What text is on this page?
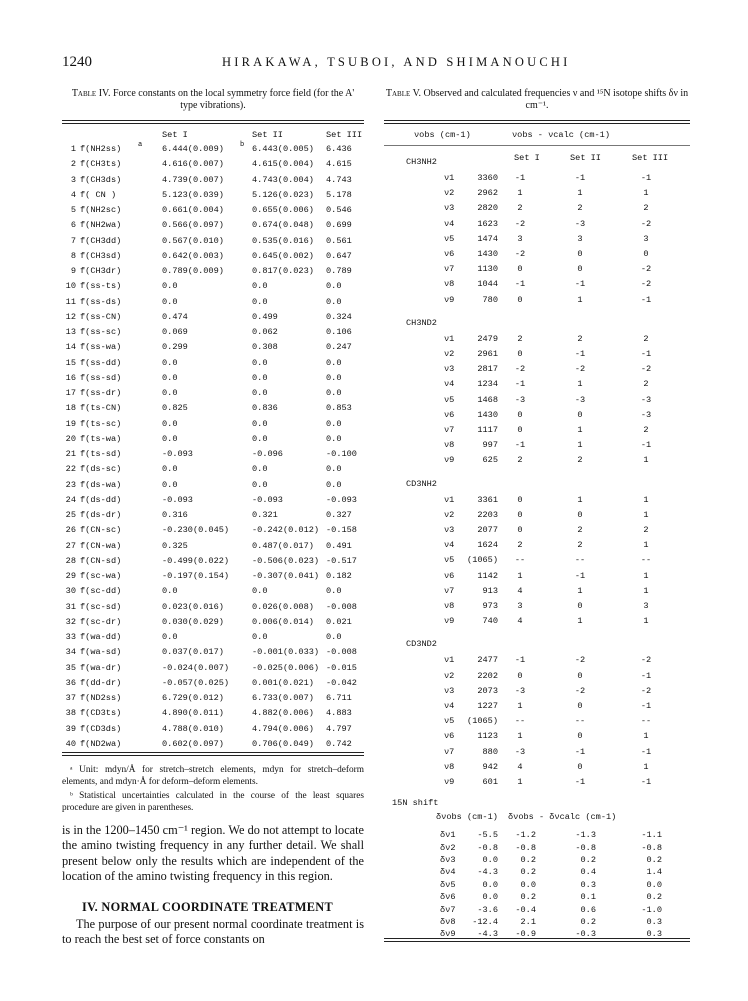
1240	HIRAKAWA, TSUBOI, AND SHIMANOUCHI
Table IV. Force constants on the local symmetry force field (for the A' type vibrations).

Set I

	Set II

	Set III

1 f(NH2ss) a 6.444(0.009) b 6.443(0.005) 6.436
2 f(CH3ts)	4.616(0.007)	4.615(0.004) 4.615
3 f(CH3ds)	4.739(0.007)	4.743(0.004) 4.743
4 f( CN )	5.123(0.039)	5.126(0.023) 5.178
5 f(NH2sc)	0.661(0.004)	0.655(0.006) 0.546
6 f(NH2wa)	0.566(0.097)	0.674(0.048) 0.699
7 f(CH3dd)	0.567(0.010)	0.535(0.016) 0.561
8 f(CH3sd)	0.642(0.003)	0.645(0.002) 0.647
9 f(CH3dr)	0.789(0.009)	0.817(0.023) 0.789
10 f(ss-ts)	0.0	0.0	0.0
11 f(ss-ds)	0.0	0.0	0.0
12 f(ss-CN)	0.474	0.499	0.324
13 f(ss-sc)	0.069	0.062	0.106
14 f(ss-wa)	0.299	0.308	0.247
15 f(ss-dd)	0.0	0.0	0.0
16 f(ss-sd)	0.0	0.0	0.0
17 f(ss-dr)	0.0	0.0	0.0
18 f(ts-CN)	0.825	0.836	0.853
19 f(ts-sc)	0.0	0.0	0.0
20 f(ts-wa)	0.0	0.0	0.0
21 f(ts-sd)	-0.093	-0.096	-0.100
22 f(ds-sc)	0.0	0.0	0.0
23 f(ds-wa)	0.0	0.0	0.0
24 f(ds-dd)	-0.093	-0.093	-0.093
25 f(ds-dr)	0.316	0.321	0.327
26 f(CN-sc)	-0.230(0.045)	-0.242(0.012) -0.158
27 f(CN-wa)	0.325	0.487(0.017) 0.491
28 f(CN-sd)	-0.499(0.022)	-0.506(0.023) -0.517
29 f(sc-wa)	-0.197(0.154)	-0.307(0.041) 0.182
30 f(sc-dd)	0.0	0.0	0.0
31 f(sc-sd)	0.023(0.016)	0.026(0.008) -0.008
32 f(sc-dr)	0.030(0.029)	0.006(0.014) 0.021
33 f(wa-dd)	0.0	0.0	0.0
34 f(wa-sd)	0.037(0.017)	-0.001(0.033) -0.008
35 f(wa-dr)	-0.024(0.007)	-0.025(0.006) -0.015
36 f(dd-dr)	-0.057(0.025)	0.001(0.021) -0.042
37 f(ND2ss)	6.729(0.012)	6.733(0.007) 6.711
38 f(CD3ts)	4.890(0.011)	4.882(0.006) 4.883
39 f(CD3ds)	4.788(0.010)	4.794(0.006) 4.797
40 f(ND2wa)	0.602(0.097)	0.706(0.049) 0.742

ᵃ Unit: mdyn/Å for stretch–stretch elements, mdyn for stretch–deform elements, and mdyn·Å for deform–deform elements.
ᵇ Statistical uncertainties calculated in the course of the least squares procedure are given in parentheses.
is in the 1200–1450 cm⁻¹ region. We do not attempt to locate the amino twisting frequency in any further detail. We shall present below only the results which are independent of the location of the amino twisting frequency in this region.
IV. NORMAL COORDINATE TREATMENT
The purpose of our present normal coordinate treatment is to reach the best set of force constants on
Table V. Observed and calculated frequencies ν and ¹⁵N isotope shifts δν in cm⁻¹.

νobs (cm-1)

	νobs - νcalc (cm-1)

CH3NH2	Set I	Set II	Set III
ν1	3360	-1	-1	-1
ν2	2962	1	1	1
ν3	2820	2	2	2
ν4	1623	-2	-3	-2
ν5	1474	3	3	3
ν6	1430	-2	0	0
ν7	1130	0	0	-2
ν8	1044	-1	-1	-2
ν9	780	0	1	-1
CH3ND2
ν1	2479	2	2	2
ν2	2961	0	-1	-1
ν3	2817	-2	-2	-2
ν4	1234	-1	1	2
ν5	1468	-3	-3	-3
ν6	1430	0	0	-3
ν7	1117	0	1	2
ν8	997	-1	1	-1
ν9	625	2	2	1
CD3NH2
ν1	3361	0	1	1
ν2	2203	0	0	1
ν3	2077	0	2	2
ν4	1624	2	2	1
ν5	(1065)	--	--	--
ν6	1142	1	-1	1
ν7	913	4	1	1
ν8	973	3	0	3
ν9	740	4	1	1
CD3ND2
ν1	2477	-1	-2	-2
ν2	2202	0	0	-1
ν3	2073	-3	-2	-2
ν4	1227	1	0	-1
ν5	(1065)	--	--	--
ν6	1123	1	0	1
ν7	880	-3	-1	-1
ν8	942	4	0	1
ν9	601	1	-1	-1
15N shift
δνobs (cm-1) δνobs - δνcalc (cm-1)
δν1	-5.5	-1.2	-1.3	-1.1
δν2	-0.8	-0.8	-0.8	-0.8
δν3	0.0	0.2	0.2	0.2
δν4	-4.3	0.2	0.4	1.4
δν5	0.0	0.0	0.3	0.0
δν6	0.0	0.2	0.1	0.2
δν7	-3.6	-0.4	0.6	-1.0
δν8	-12.4	2.1	0.2	0.3
δν9	-4.3	-0.9	-0.3	0.3
